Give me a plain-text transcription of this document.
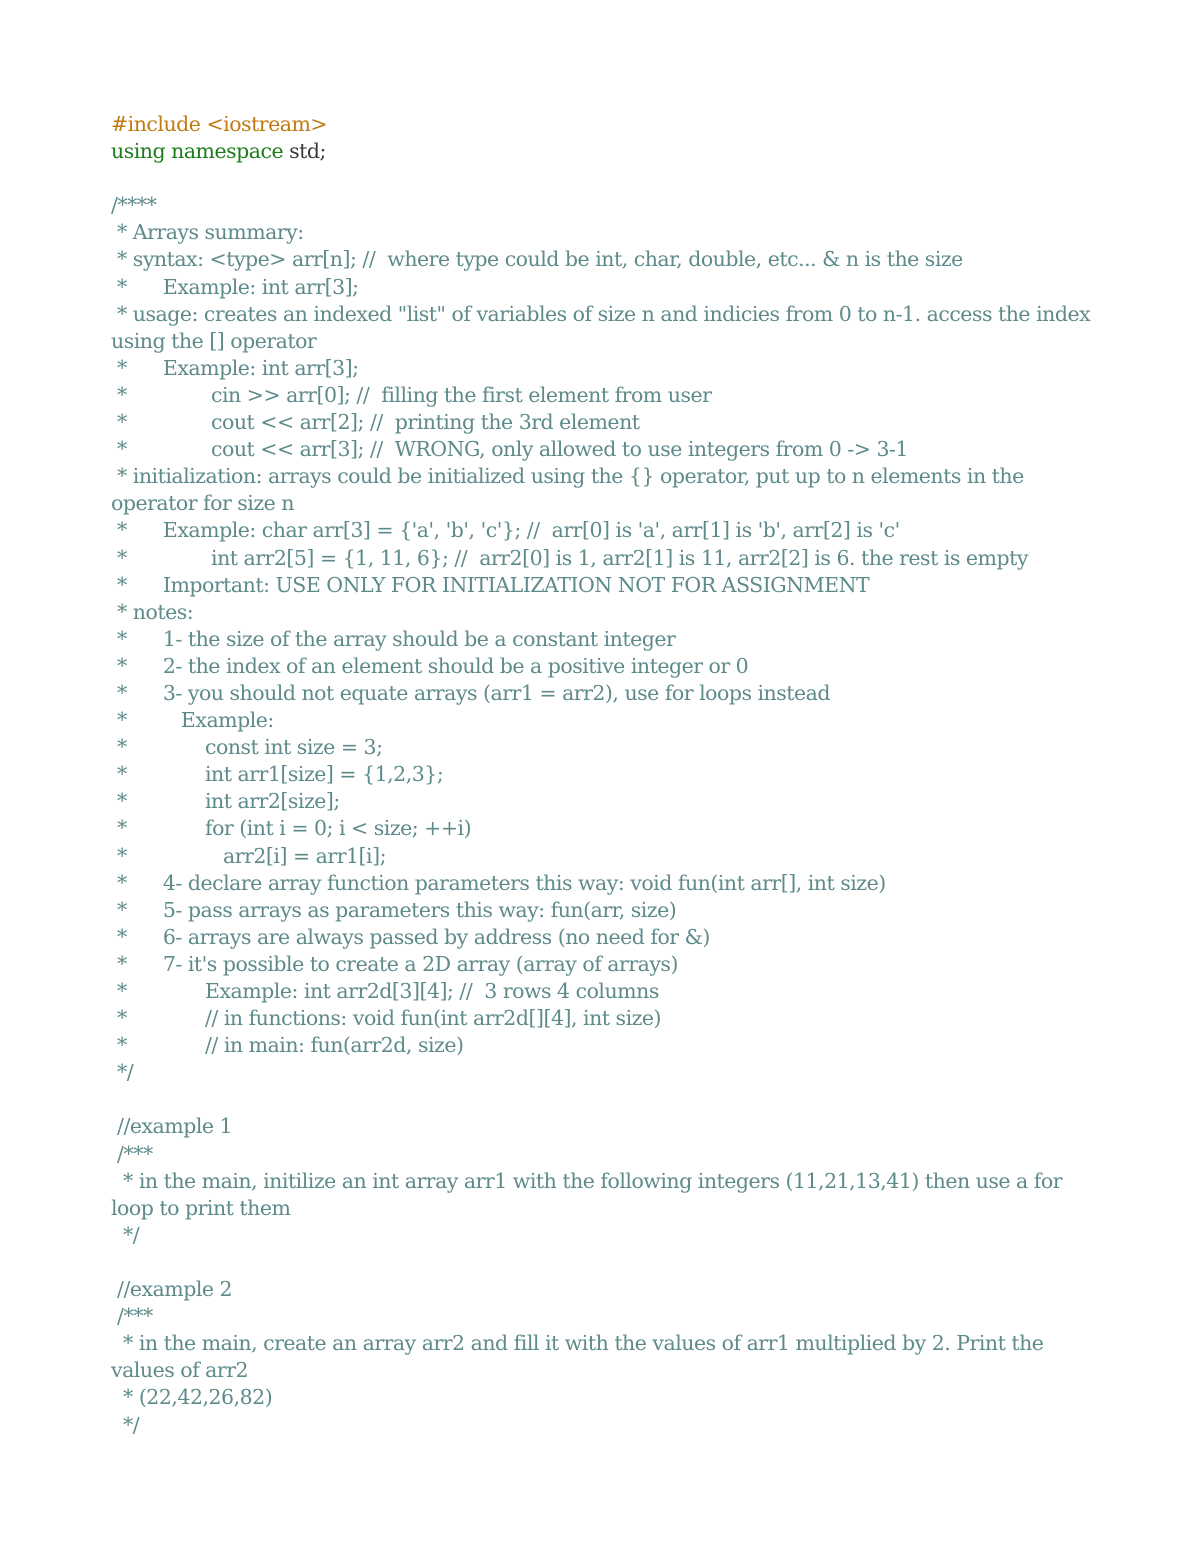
#include <iostream>
using namespace std;
/****
* Arrays summary:
* syntax: <type> arr[n]; //  where type could be int, char, double, etc... & n is the size
*      Example: int arr[3];
* usage: creates an indexed "list" of variables of size n and indicies from 0 to n-1. access the index using the [] operator
*      Example: int arr[3];
*              cin >> arr[0]; //  filling the first element from user
*              cout << arr[2]; //  printing the 3rd element
*              cout << arr[3]; //  WRONG, only allowed to use integers from 0 -> 3-1
* initialization: arrays could be initialized using the {} operator, put up to n elements in the operator for size n
*      Example: char arr[3] = {'a', 'b', 'c'}; //  arr[0] is 'a', arr[1] is 'b', arr[2] is 'c'
*              int arr2[5] = {1, 11, 6}; //  arr2[0] is 1, arr2[1] is 11, arr2[2] is 6. the rest is empty
*      Important: USE ONLY FOR INITIALIZATION NOT FOR ASSIGNMENT
* notes:
*      1- the size of the array should be a constant integer
*      2- the index of an element should be a positive integer or 0
*      3- you should not equate arrays (arr1 = arr2), use for loops instead
*         Example:
*             const int size = 3;
*             int arr1[size] = {1,2,3};
*             int arr2[size];
*             for (int i = 0; i < size; ++i)
*                arr2[i] = arr1[i];
*      4- declare array function parameters this way: void fun(int arr[], int size)
*      5- pass arrays as parameters this way: fun(arr, size)
*      6- arrays are always passed by address (no need for &)
*      7- it's possible to create a 2D array (array of arrays)
*             Example: int arr2d[3][4]; //  3 rows 4 columns
*             // in functions: void fun(int arr2d[][4], int size)
*             // in main: fun(arr2d, size)
*/
//example 1
/***
* in the main, initilize an int array arr1 with the following integers (11,21,13,41) then use a for loop to print them
*/
//example 2
/***
* in the main, create an array arr2 and fill it with the values of arr1 multiplied by 2. Print the values of arr2
* (22,42,26,82)
*/
